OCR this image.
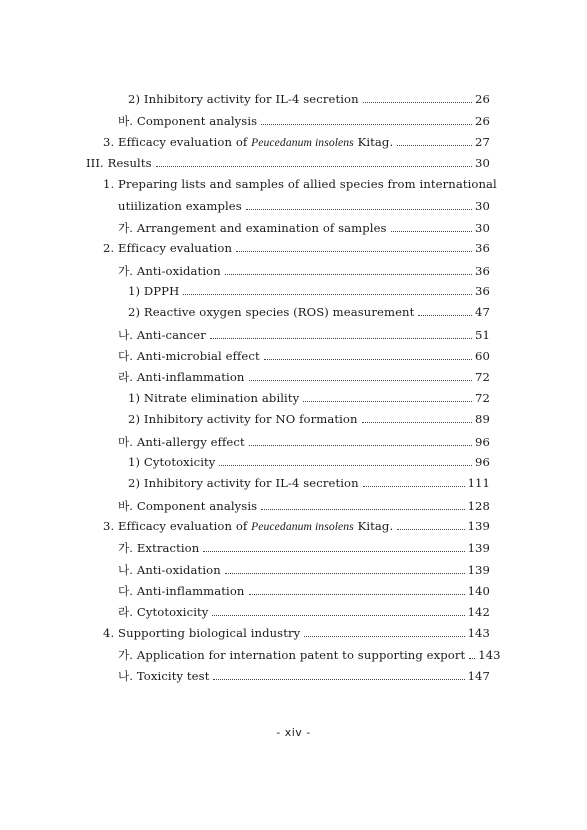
2) Inhibitory activity for IL-4 secretion	26
바. Component analysis	26
3. Efficacy evaluation of Peucedanum insolens Kitag.	27
III. Results	30
1. Preparing lists and samples of allied species from international
utiilization examples	30
가. Arrangement and examination of samples	30
2. Efficacy evaluation	36
가. Anti-oxidation	36
1) DPPH	36
2) Reactive oxygen species (ROS) measurement	47
나. Anti-cancer	51
다. Anti-microbial effect	60
라. Anti-inflammation	72
1) Nitrate elimination ability	72
2) Inhibitory activity for NO formation	89
마. Anti-allergy effect	96
1) Cytotoxicity	96
2) Inhibitory activity for IL-4 secretion	111
바. Component analysis	128
3. Efficacy evaluation of Peucedanum insolens Kitag.	139
가. Extraction	139
나. Anti-oxidation	139
다. Anti-inflammation	140
라. Cytotoxicity	142
4. Supporting biological industry	143
가. Application for internation patent to supporting export 143
나. Toxicity test	147
- xiv -
